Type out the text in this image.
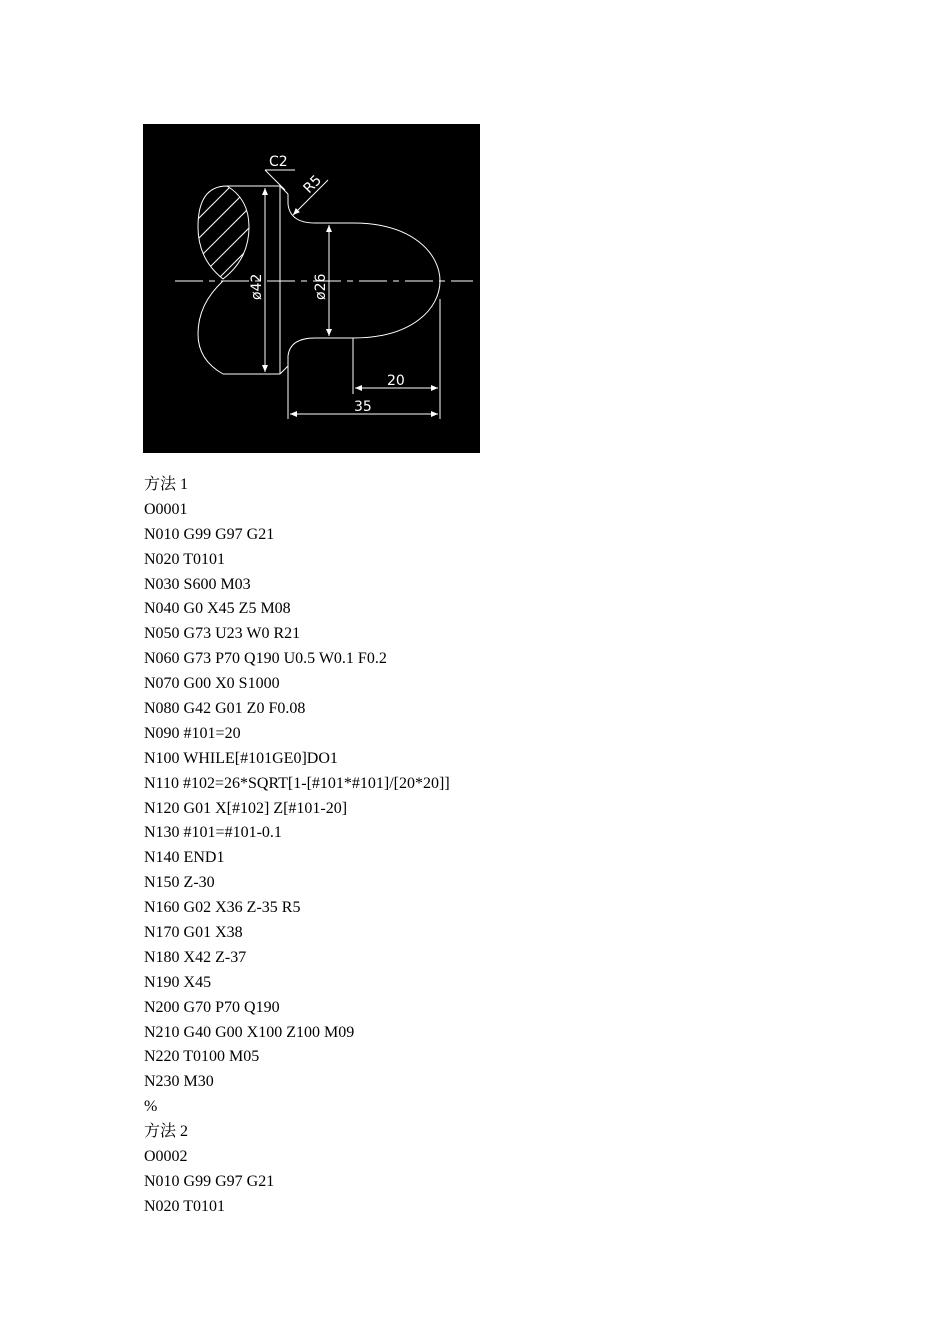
C2
R5
ø42	ø26
20
35
方法 1
O0001
N010 G99 G97 G21
N020 T0101
N030 S600 M03
N040 G0 X45 Z5 M08
N050 G73 U23 W0 R21
N060 G73 P70 Q190 U0.5 W0.1 F0.2
N070 G00 X0 S1000
N080 G42 G01 Z0 F0.08
N090 #101=20
N100 WHILE[#101GE0]DO1
N110 #102=26*SQRT[1-[#101*#101]/[20*20]]
N120 G01 X[#102] Z[#101-20]
N130 #101=#101-0.1
N140 END1
N150 Z-30
N160 G02 X36 Z-35 R5
N170 G01 X38
N180 X42 Z-37
N190 X45
N200 G70 P70 Q190
N210 G40 G00 X100 Z100 M09
N220 T0100 M05
N230 M30
%
方法 2
O0002
N010 G99 G97 G21
N020 T0101
